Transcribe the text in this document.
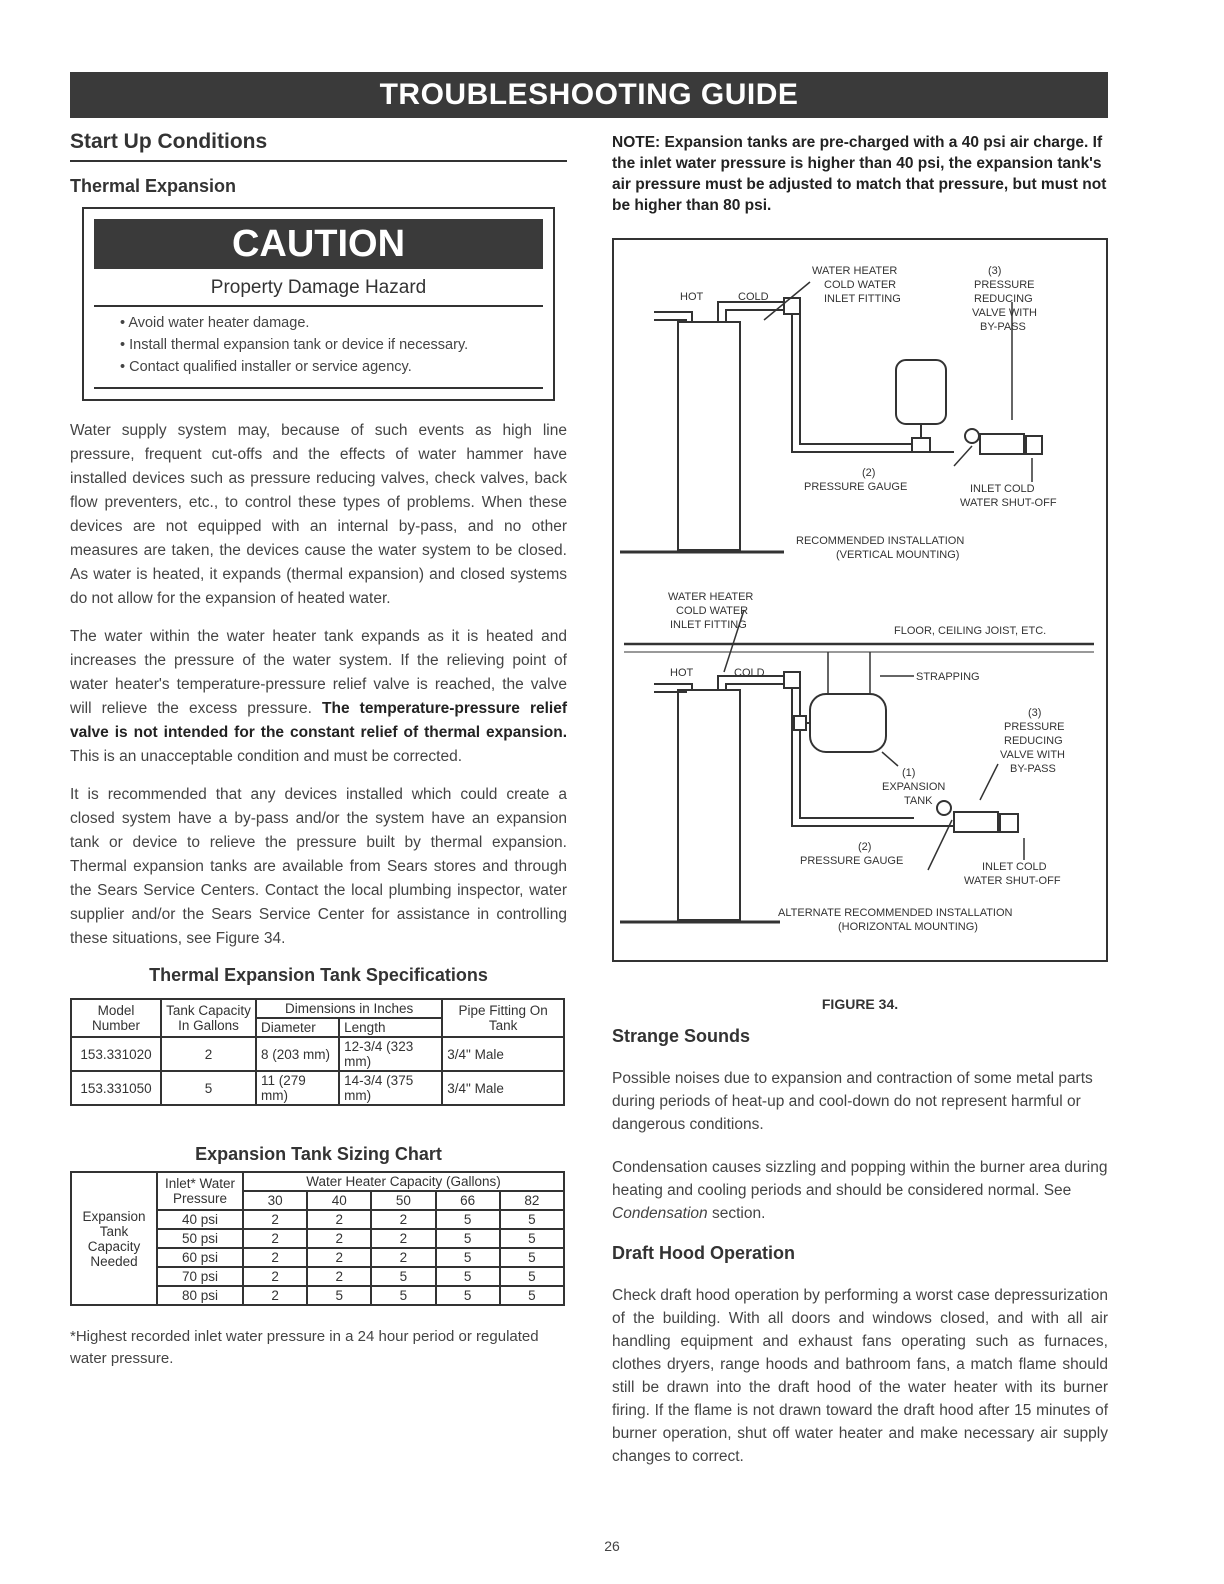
TROUBLESHOOTING GUIDE
Start Up Conditions
Thermal Expansion
CAUTION
Property Damage Hazard
• Avoid water heater damage.
• Install thermal expansion tank or device if necessary.
• Contact qualified installer or service agency.

Water supply system may, because of such events as high line pressure, frequent cut-offs and the effects of water hammer have installed devices such as pressure reducing valves, check valves, back flow preventers, etc., to control these types of problems. When these devices are not equipped with an internal by-pass, and no other measures are taken, the devices cause the water system to be closed. As water is heated, it expands (thermal expansion) and closed systems do not allow for the expansion of heated water.

The water within the water heater tank expands as it is heated and increases the pressure of the water system. If the relieving point of water heater's temperature-pressure relief valve is reached, the valve will relieve the excess pressure. The temperature-pressure relief valve is not intended for the constant relief of thermal expansion. This is an unacceptable condition and must be corrected.

It is recommended that any devices installed which could create a closed system have a by-pass and/or the system have an expansion tank or device to relieve the pressure built by thermal expansion. Thermal expansion tanks are available from Sears stores and through the Sears Service Centers. Contact the local plumbing inspector, water supplier and/or the Sears Service Center for assistance in controlling these situations, see Figure 34.

Thermal Expansion Tank Specifications
Model Number	Tank Capacity In Gallons	Dimensions in Inches		Pipe Fitting On Tank
		Diameter	Length	
153.331020	2	8 (203 mm)	12-3/4 (323 mm)	3/4" Male
153.331050	5	11 (279 mm)	14-3/4 (375 mm)	3/4" Male
Expansion Tank Sizing Chart
Expansion Tank Capacity Needed	Inlet* Water Pressure	Water Heater Capacity (Gallons)				
		30	40	50	66	82
	40 psi	2	2	2	5	5
	50 psi	2	2	2	5	5
	60 psi	2	2	2	5	5
	70 psi	2	2	5	5	5
	80 psi	2	5	5	5	5
*Highest recorded inlet water pressure in a 24 hour period or regulated water pressure.
NOTE: Expansion tanks are pre-charged with a 40 psi air charge. If the inlet water pressure is higher than 40 psi, the expansion tank's air pressure must be adjusted to match that pressure, but must not be higher than 80 psi.
HOT	COLD
WATER HEATER
COLD WATER
INLET FITTING
(3)
PRESSURE
REDUCING
VALVE WITH
BY-PASS
(2)
PRESSURE GAUGE	INLET COLD
WATER SHUT-OFF
RECOMMENDED INSTALLATION
(VERTICAL MOUNTING)
WATER HEATER
COLD WATER
INLET FITTING	FLOOR, CEILING JOIST, ETC.
HOT	COLD	STRAPPING
(3)
PRESSURE
REDUCING
VALVE WITH
BY-PASS
(1)
EXPANSION
TANK
(2)
PRESSURE GAUGE	INLET COLD
WATER SHUT-OFF
ALTERNATE RECOMMENDED INSTALLATION
(HORIZONTAL MOUNTING)
FIGURE 34.
Strange Sounds

Possible noises due to expansion and contraction of some metal parts during periods of heat-up and cool-down do not represent harmful or dangerous conditions.

Condensation causes sizzling and popping within the burner area during heating and cooling periods and should be considered normal. See Condensation section.

Draft Hood Operation

Check draft hood operation by performing a worst case depressurization of the building. With all doors and windows closed, and with all air handling equipment and exhaust fans operating such as furnaces, clothes dryers, range hoods and bathroom fans, a match flame should still be drawn into the draft hood of the water heater with its burner firing. If the flame is not drawn toward the draft hood after 15 minutes of burner operation, shut off water heater and make necessary air supply changes to correct.

26
